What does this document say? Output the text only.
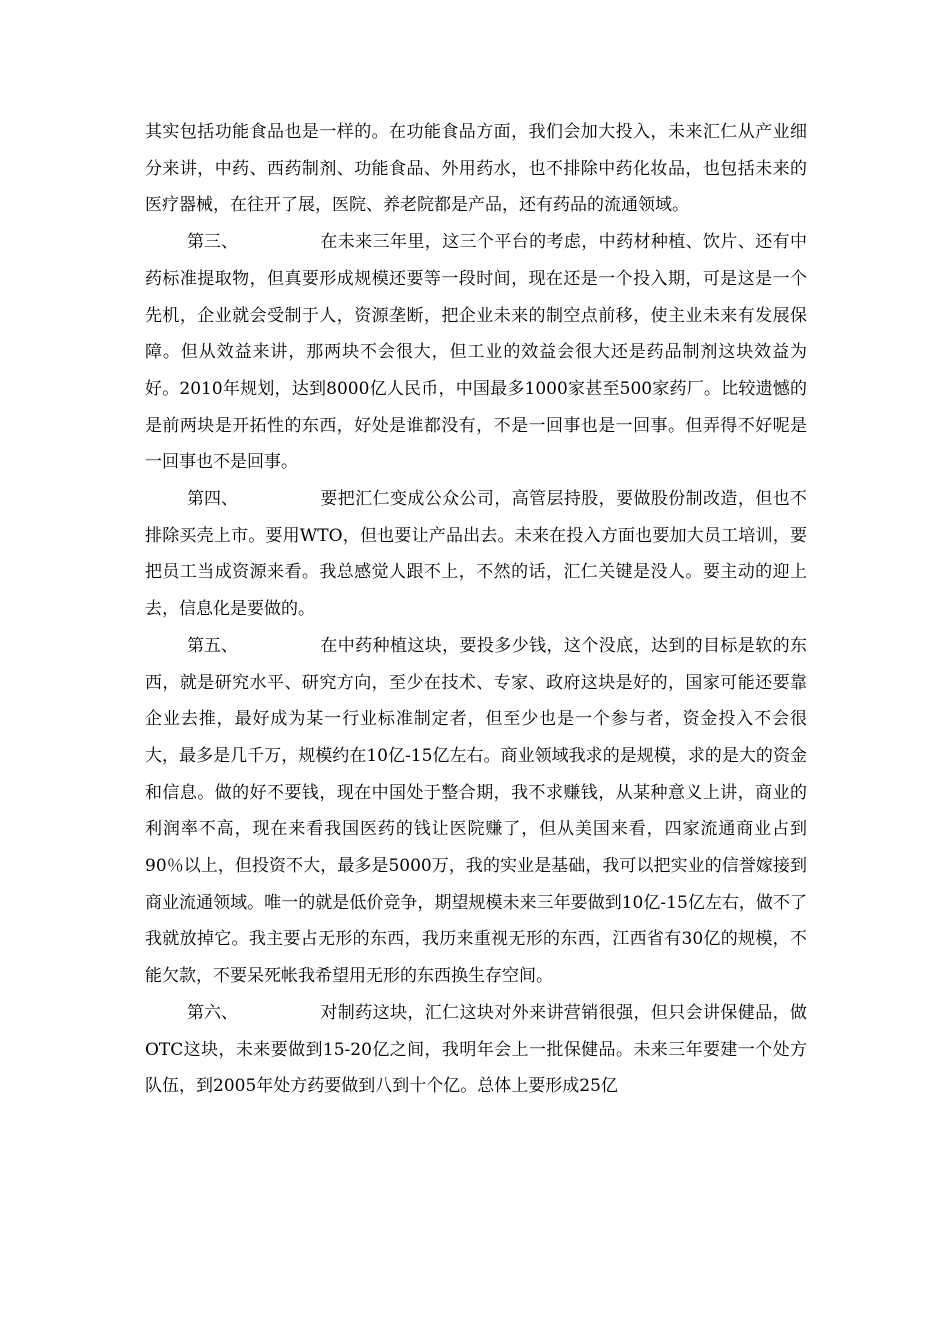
其实包括功能食品也是一样的。在功能食品方面，我们会加大投入，未来汇仁从产业细分来讲，中药、西药制剂、功能食品、外用药水，也不排除中药化妆品，也包括未来的医疗器械，在往开了展，医院、养老院都是产品，还有药品的流通领域。

第三、	在未来三年里，这三个平台的考虑，中药材种植、饮片、还有中药标准提取物，但真要形成规模还要等一段时间，现在还是一个投入期，可是这是一个先机，企业就会受制于人，资源垄断，把企业未来的制空点前移，使主业未来有发展保障。但从效益来讲，那两块不会很大，但工业的效益会很大还是药品制剂这块效益为好。2010年规划，达到8000亿人民币，中国最多1000家甚至500家药厂。比较遗憾的是前两块是开拓性的东西，好处是谁都没有，不是一回事也是一回事。但弄得不好呢是一回事也不是回事。

第四、	要把汇仁变成公众公司，高管层持股，要做股份制改造，但也不排除买壳上市。要用WTO，但也要让产品出去。未来在投入方面也要加大员工培训，要把员工当成资源来看。我总感觉人跟不上，不然的话，汇仁关键是没人。要主动的迎上去，信息化是要做的。

第五、	在中药种植这块，要投多少钱，这个没底，达到的目标是软的东西，就是研究水平、研究方向，至少在技术、专家、政府这块是好的，国家可能还要靠企业去推，最好成为某一行业标准制定者，但至少也是一个参与者，资金投入不会很大，最多是几千万，规模约在10亿-15亿左右。商业领域我求的是规模，求的是大的资金和信息。做的好不要钱，现在中国处于整合期，我不求赚钱，从某种意义上讲，商业的利润率不高，现在来看我国医药的钱让医院赚了，但从美国来看，四家流通商业占到90％以上，但投资不大，最多是5000万，我的实业是基础，我可以把实业的信誉嫁接到商业流通领域。唯一的就是低价竞争，期望规模未来三年要做到10亿-15亿左右，做不了我就放掉它。我主要占无形的东西，我历来重视无形的东西，江西省有30亿的规模，不能欠款，不要呆死帐我希望用无形的东西换生存空间。

第六、	对制药这块，汇仁这块对外来讲营销很强，但只会讲保健品，做OTC这块，未来要做到15-20亿之间，我明年会上一批保健品。未来三年要建一个处方队伍，到2005年处方药要做到八到十个亿。总体上要形成25亿
